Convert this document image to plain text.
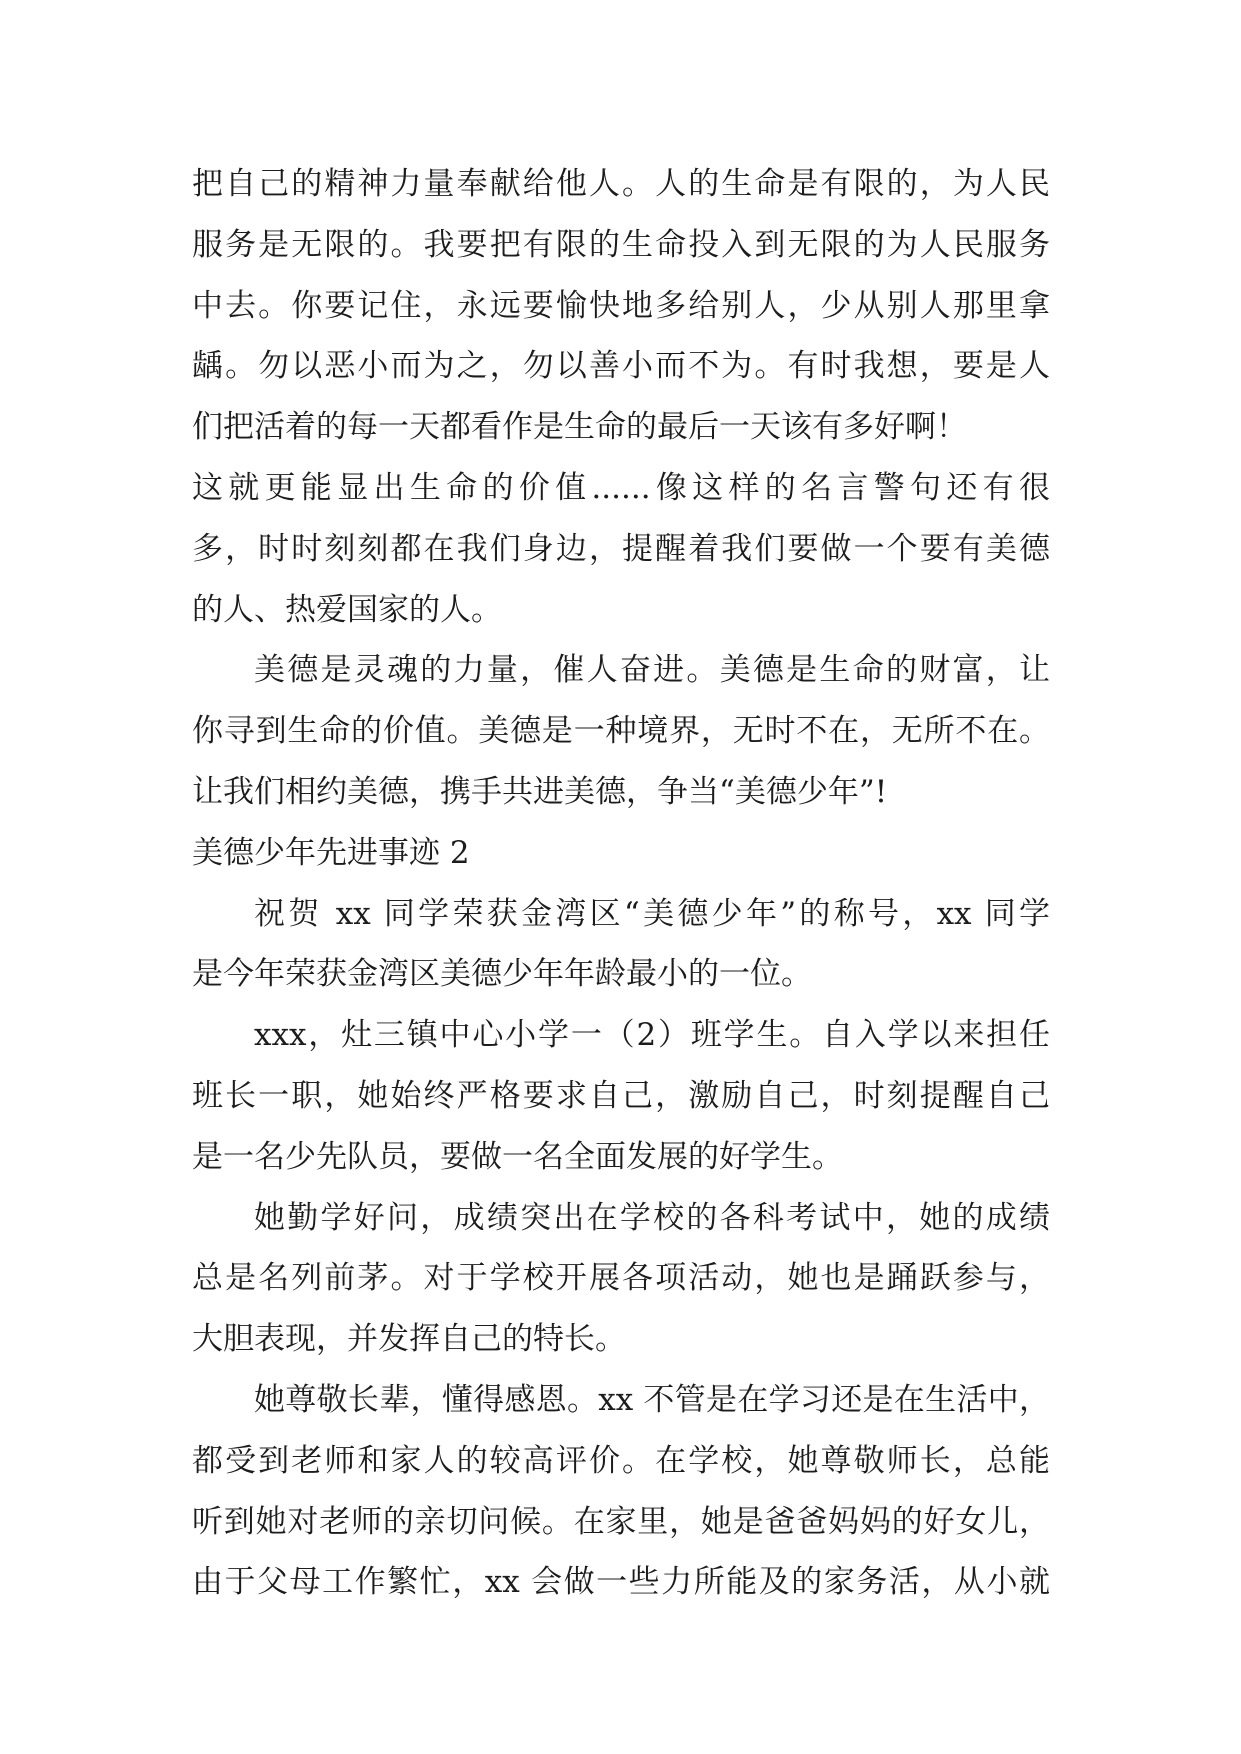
把自己的精神力量奉献给他人。人的生命是有限的，为人民
服务是无限的。我要把有限的生命投入到无限的为人民服务
中去。你要记住，永远要愉快地多给别人，少从别人那里拿
龋。勿以恶小而为之，勿以善小而不为。有时我想，要是人
们把活着的每一天都看作是生命的最后一天该有多好啊！
这就更能显出生命的价值......像这样的名言警句还有很
多，时时刻刻都在我们身边，提醒着我们要做一个要有美德
的人、热爱国家的人。
美德是灵魂的力量，催人奋进。美德是生命的财富，让
你寻到生命的价值。美德是一种境界，无时不在，无所不在。
让我们相约美德，携手共进美德，争当“美德少年”!
美德少年先进事迹 2
祝贺 xx 同学荣获金湾区“美德少年”的称号，xx 同学
是今年荣获金湾区美德少年年龄最小的一位。
xxx，灶三镇中心小学一（2）班学生。自入学以来担任
班长一职，她始终严格要求自己，激励自己，时刻提醒自己
是一名少先队员，要做一名全面发展的好学生。
她勤学好问，成绩突出在学校的各科考试中，她的成绩
总是名列前茅。对于学校开展各项活动，她也是踊跃参与，
大胆表现，并发挥自己的特长。
她尊敬长辈，懂得感恩。xx 不管是在学习还是在生活中，
都受到老师和家人的较高评价。在学校，她尊敬师长，总能
听到她对老师的亲切问候。在家里，她是爸爸妈妈的好女儿，
由于父母工作繁忙，xx 会做一些力所能及的家务活，从小就
